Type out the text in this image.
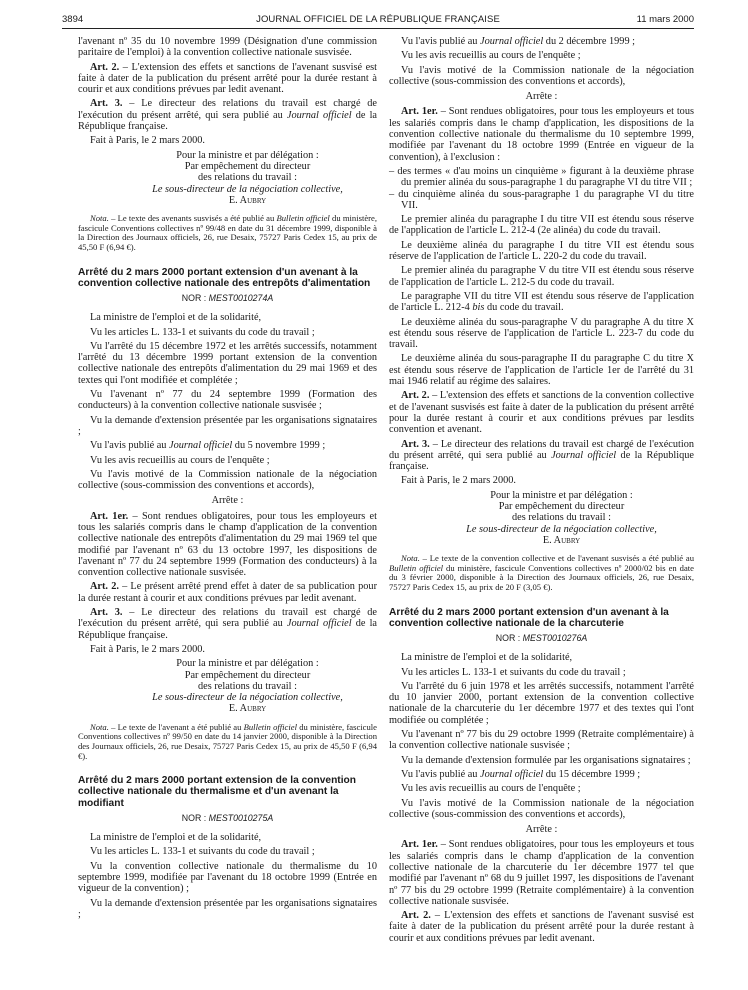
3894	JOURNAL OFFICIEL DE LA RÉPUBLIQUE FRANÇAISE	11 mars 2000

l'avenant nº 35 du 10 novembre 1999 (Désignation d'une commission paritaire de l'emploi) à la convention collective nationale susvisée.

Art. 2. – L'extension des effets et sanctions de l'avenant susvisé est faite à dater de la publication du présent arrêté pour la durée restant à courir et aux conditions prévues par ledit avenant.

Art. 3. – Le directeur des relations du travail est chargé de l'exécution du présent arrêté, qui sera publié au Journal officiel de la République française.

Fait à Paris, le 2 mars 2000.

Pour la ministre et par délégation :
Par empêchement du directeur
des relations du travail :
Le sous-directeur de la négociation collective,
E. Aubry

Nota. – Le texte des avenants susvisés a été publié au Bulletin officiel du ministère, fascicule Conventions collectives nº 99/48 en date du 31 décembre 1999, disponible à la Direction des Journaux officiels, 26, rue Desaix, 75727 Paris Cedex 15, au prix de 45,50 F (6,94 €).

Arrêté du 2 mars 2000 portant extension d'un avenant à la convention collective nationale des entrepôts d'alimentation
NOR : MEST0010274A

La ministre de l'emploi et de la solidarité,

Vu les articles L. 133-1 et suivants du code du travail ;

Vu l'arrêté du 15 décembre 1972 et les arrêtés successifs, notamment l'arrêté du 13 décembre 1999 portant extension de la convention collective nationale des entrepôts d'alimentation du 29 mai 1969 et des textes qui l'ont modifiée et complétée ;

Vu l'avenant nº 77 du 24 septembre 1999 (Formation des conducteurs) à la convention collective nationale susvisée ;

Vu la demande d'extension présentée par les organisations signataires ;

Vu l'avis publié au Journal officiel du 5 novembre 1999 ;

Vu les avis recueillis au cours de l'enquête ;

Vu l'avis motivé de la Commission nationale de la négociation collective (sous-commission des conventions et accords),

Arrête :

Art. 1er. – Sont rendues obligatoires, pour tous les employeurs et tous les salariés compris dans le champ d'application de la convention collective nationale des entrepôts d'alimentation du 29 mai 1969 tel que modifié par l'avenant nº 63 du 13 octobre 1997, les dispositions de l'avenant nº 77 du 24 septembre 1999 (Formation des conducteurs) à la convention collective nationale susvisée.

Art. 2. – Le présent arrêté prend effet à dater de sa publication pour la durée restant à courir et aux conditions prévues par ledit avenant.

Art. 3. – Le directeur des relations du travail est chargé de l'exécution du présent arrêté, qui sera publié au Journal officiel de la République française.

Fait à Paris, le 2 mars 2000.

Pour la ministre et par délégation :
Par empêchement du directeur
des relations du travail :
Le sous-directeur de la négociation collective,
E. Aubry

Nota. – Le texte de l'avenant a été publié au Bulletin officiel du ministère, fascicule Conventions collectives nº 99/50 en date du 14 janvier 2000, disponible à la Direction des Journaux officiels, 26, rue Desaix, 75727 Paris Cedex 15, au prix de 45,50 F (6,94 €).

Arrêté du 2 mars 2000 portant extension de la convention collective nationale du thermalisme et d'un avenant la modifiant
NOR : MEST0010275A

La ministre de l'emploi et de la solidarité,

Vu les articles L. 133-1 et suivants du code du travail ;

Vu la convention collective nationale du thermalisme du 10 septembre 1999, modifiée par l'avenant du 18 octobre 1999 (Entrée en vigueur de la convention) ;

Vu la demande d'extension présentée par les organisations signataires ;

Vu l'avis publié au Journal officiel du 2 décembre 1999 ;

Vu les avis recueillis au cours de l'enquête ;

Vu l'avis motivé de la Commission nationale de la négociation collective (sous-commission des conventions et accords),

Arrête :

Art. 1er. – Sont rendues obligatoires, pour tous les employeurs et tous les salariés compris dans le champ d'application, les dispositions de la convention collective nationale du thermalisme du 10 septembre 1999, modifiée par l'avenant du 18 octobre 1999 (Entrée en vigueur de la convention), à l'exclusion :

– des termes « d'au moins un cinquième » figurant à la deuxième phrase du premier alinéa du sous-paragraphe 1 du paragraphe VI du titre VII ;
– du cinquième alinéa du sous-paragraphe 1 du paragraphe VI du titre VII.

Le premier alinéa du paragraphe I du titre VII est étendu sous réserve de l'application de l'article L. 212-4 (2e alinéa) du code du travail.

Le deuxième alinéa du paragraphe I du titre VII est étendu sous réserve de l'application de l'article L. 220-2 du code du travail.

Le premier alinéa du paragraphe V du titre VII est étendu sous réserve de l'application de l'article L. 212-5 du code du travail.

Le paragraphe VII du titre VII est étendu sous réserve de l'application de l'article L. 212-4 bis du code du travail.

Le deuxième alinéa du sous-paragraphe V du paragraphe A du titre X est étendu sous réserve de l'application de l'article L. 223-7 du code du travail.

Le deuxième alinéa du sous-paragraphe II du paragraphe C du titre X est étendu sous réserve de l'application de l'article 1er de l'arrêté du 31 mai 1946 relatif au régime des salaires.

Art. 2. – L'extension des effets et sanctions de la convention collective et de l'avenant susvisés est faite à dater de la publication du présent arrêté pour la durée restant à courir et aux conditions prévues par lesdits convention et avenant.

Art. 3. – Le directeur des relations du travail est chargé de l'exécution du présent arrêté, qui sera publié au Journal officiel de la République française.

Fait à Paris, le 2 mars 2000.

Pour la ministre et par délégation :
Par empêchement du directeur
des relations du travail :
Le sous-directeur de la négociation collective,
E. Aubry

Nota. – Le texte de la convention collective et de l'avenant susvisés a été publié au Bulletin officiel du ministère, fascicule Conventions collectives nº 2000/02 bis en date du 3 février 2000, disponible à la Direction des Journaux officiels, 26, rue Desaix, 75727 Paris Cedex 15, au prix de 20 F (3,05 €).

Arrêté du 2 mars 2000 portant extension d'un avenant à la convention collective nationale de la charcuterie
NOR : MEST0010276A

La ministre de l'emploi et de la solidarité,

Vu les articles L. 133-1 et suivants du code du travail ;

Vu l'arrêté du 6 juin 1978 et les arrêtés successifs, notamment l'arrêté du 10 janvier 2000, portant extension de la convention collective nationale de la charcuterie du 1er décembre 1977 et des textes qui l'ont modifiée ou complétée ;

Vu l'avenant nº 77 bis du 29 octobre 1999 (Retraite complémentaire) à la convention collective nationale susvisée ;

Vu la demande d'extension formulée par les organisations signataires ;

Vu l'avis publié au Journal officiel du 15 décembre 1999 ;

Vu les avis recueillis au cours de l'enquête ;

Vu l'avis motivé de la Commission nationale de la négociation collective (sous-commission des conventions et accords),

Arrête :

Art. 1er. – Sont rendues obligatoires, pour tous les employeurs et tous les salariés compris dans le champ d'application de la convention collective nationale de la charcuterie du 1er décembre 1977 tel que modifié par l'avenant nº 68 du 9 juillet 1997, les dispositions de l'avenant nº 77 bis du 29 octobre 1999 (Retraite complémentaire) à la convention collective nationale susvisée.

Art. 2. – L'extension des effets et sanctions de l'avenant susvisé est faite à dater de la publication du présent arrêté pour la durée restant à courir et aux conditions prévues par ledit avenant.
